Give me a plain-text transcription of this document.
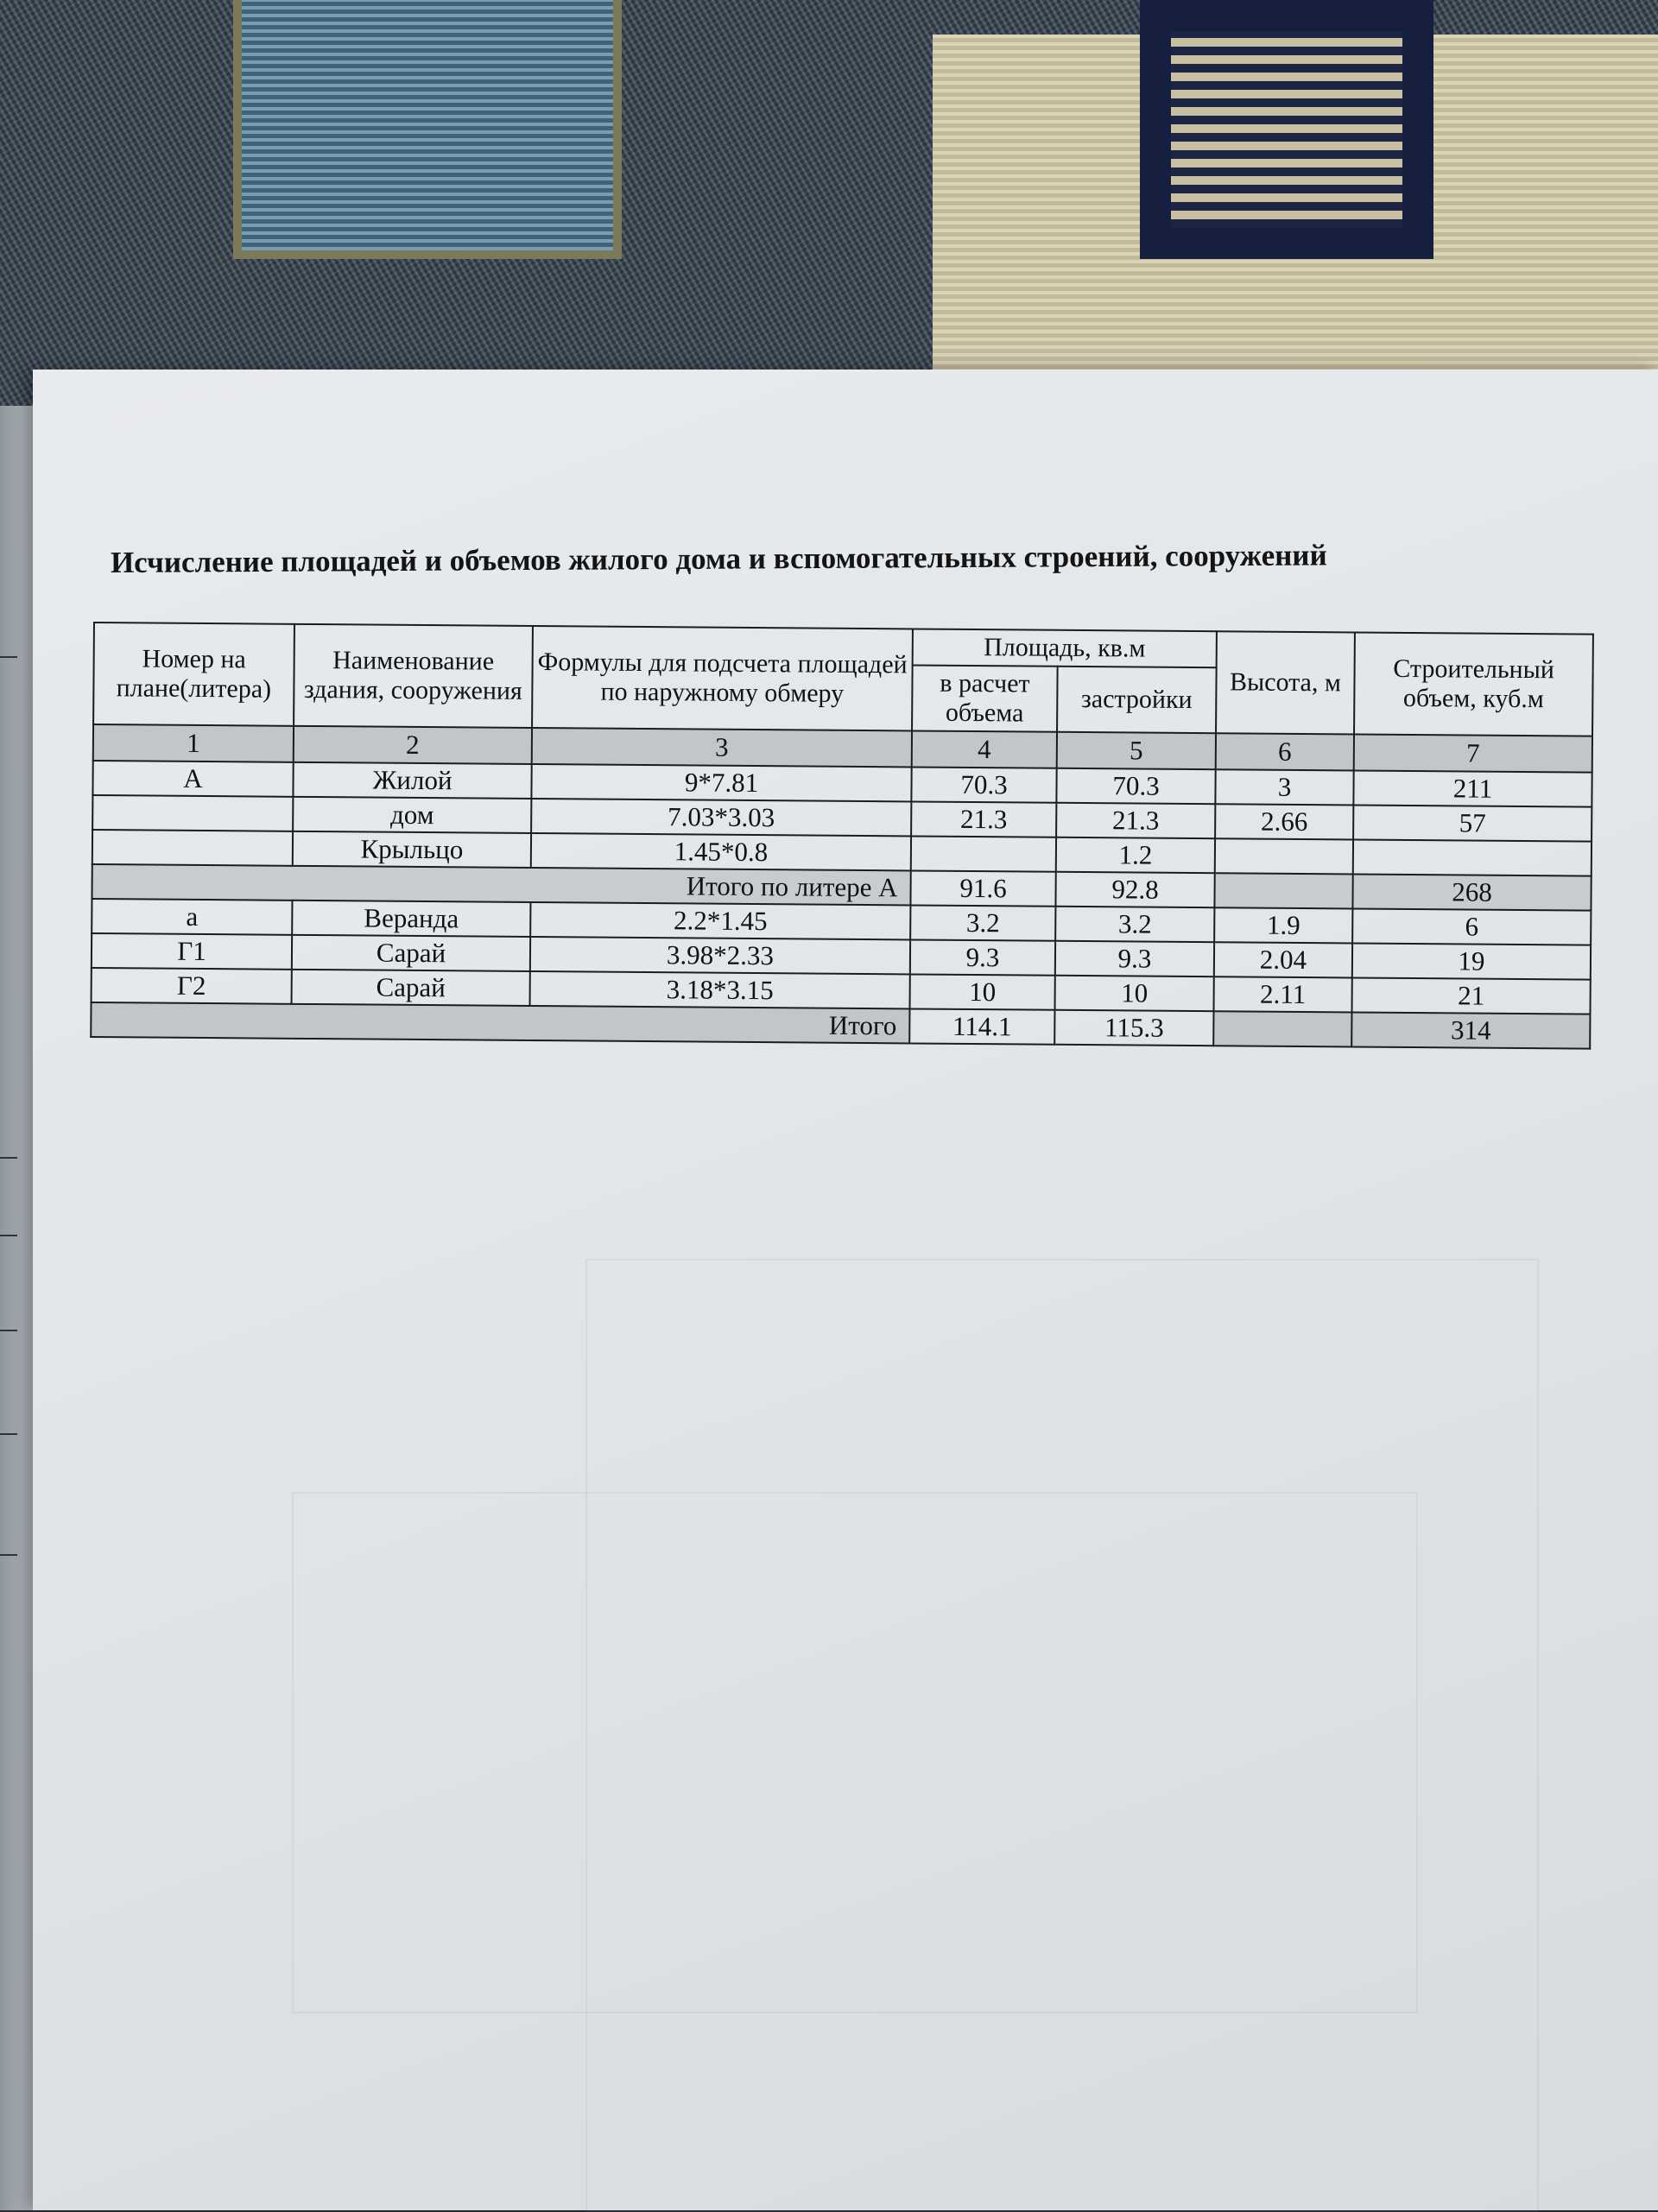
Исчисление площадей и объемов жилого дома и вспомогательных строений, сооружений
Номер на плане(литера)	Наименование здания, сооружения	Формулы для подсчета площадей по наружному обмеру	Площадь, кв.м		Высота, м	Строительный объем, куб.м
			в расчет объема	застройки		
1	2	3	4	5	6	7
А	Жилой	9*7.81	70.3	70.3	3	211
	дом	7.03*3.03	21.3	21.3	2.66	57
	Крыльцо	1.45*0.8		1.2		
Итого по литере А			91.6	92.8		268
а	Веранда	2.2*1.45	3.2	3.2	1.9	6
Г1	Сарай	3.98*2.33	9.3	9.3	2.04	19
Г2	Сарай	3.18*3.15	10	10	2.11	21
Итого			114.1	115.3		314
